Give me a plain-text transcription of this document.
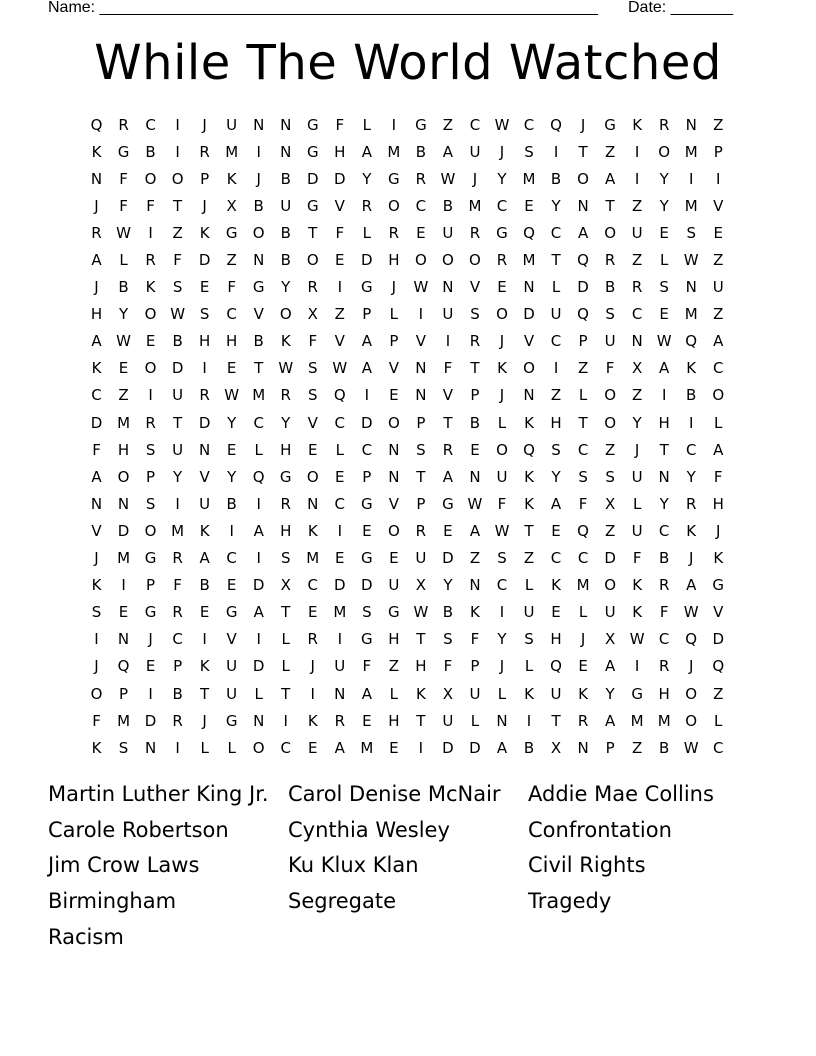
Name: ________________________________________________________ Date: _______
While The World Watched
Q	R	C	I	J	U	N	N	G	F	L	I	G	Z	C W C	Q	J	G	K	R	N	Z
K	G	B	I	R	M	I	N	G	H	A	M	B	A	U	J	S	I	T	Z	I	O M	P
N	F	O	O	P	K	J	B	D	D	Y	G	R W	J	Y	M	B	O	A	I	Y	I	I
J	F	F	T	J	X	B	U	G	V	R	O	C	B	M	C	E	Y	N	T	Z	Y	M	V
R W	I	Z	K	G	O	B	T	F	L	R	E	U	R	G	Q	C	A	O	U	E	S	E
A	L	R	F	D	Z	N	B	O	E	D	H	O	O	O	R	M	T	Q	R	Z	L	W Z
J	B	K	S	E	F	G	Y	R	I	G	J	W N	V	E	N	L	D	B	R	S	N	U
H	Y	O W S	C	V	O	X	Z	P	L	I	U	S	O	D	U	Q	S	C	E	M	Z
A W E	B	H	H	B	K	F	V	A	P	V	I	R	J	V	C	P	U	N W Q	A
K	E	O	D	I	E	T	W S W A	V	N	F	T	K	O	I	Z	F	X	A	K	C
C	Z	I	U	R W M	R	S	Q	I	E	N	V	P	J	N	Z	L	O	Z	I	B	O
D M	R	T	D	Y	C	Y	V	C	D	O	P	T	B	L	K	H	T	O	Y	H	I	L
F	H	S	U	N	E	L	H	E	L	C	N	S	R	E	O	Q	S	C	Z	J	T	C	A
A	O	P	Y	V	Y	Q	G	O	E	P	N	T	A	N	U	K	Y	S	S	U	N	Y	F
N	N	S	I	U	B	I	R	N	C	G	V	P	G W	F	K	A	F	X	L	Y	R	H
V	D	O M	K	I	A	H	K	I	E	O	R	E	A W	T	E	Q	Z	U	C	K	J
J	M G	R	A	C	I	S	M	E	G	E	U	D	Z	S	Z	C	C	D	F	B	J	K
K	I	P	F	B	E	D	X	C	D	D	U	X	Y	N	C	L	K	M O	K	R	A	G
S	E	G	R	E	G	A	T	E	M	S	G W B	K	I	U	E	L	U	K	F	W V
I	N	J	C	I	V	I	L	R	I	G	H	T	S	F	Y	S	H	J	X W C	Q	D
J	Q	E	P	K	U	D	L	J	U	F	Z	H	F	P	J	L	Q	E	A	I	R	J	Q
O	P	I	B	T	U	L	T	I	N	A	L	K	X	U	L	K	U	K	Y	G	H	O	Z
F	M D	R	J	G	N	I	K	R	E	H	T	U	L	N	I	T	R	A	M M O	L
K	S	N	I	L	L	O	C	E	A	M	E	I	D	D	A	B	X	N	P	Z	B W C
Martin Luther King Jr. Carol Denise McNair	Addie Mae Collins
Carole Robertson	Cynthia Wesley	Confrontation
Jim Crow Laws	Ku Klux Klan	Civil Rights
Birmingham	Segregate	Tragedy
Racism
